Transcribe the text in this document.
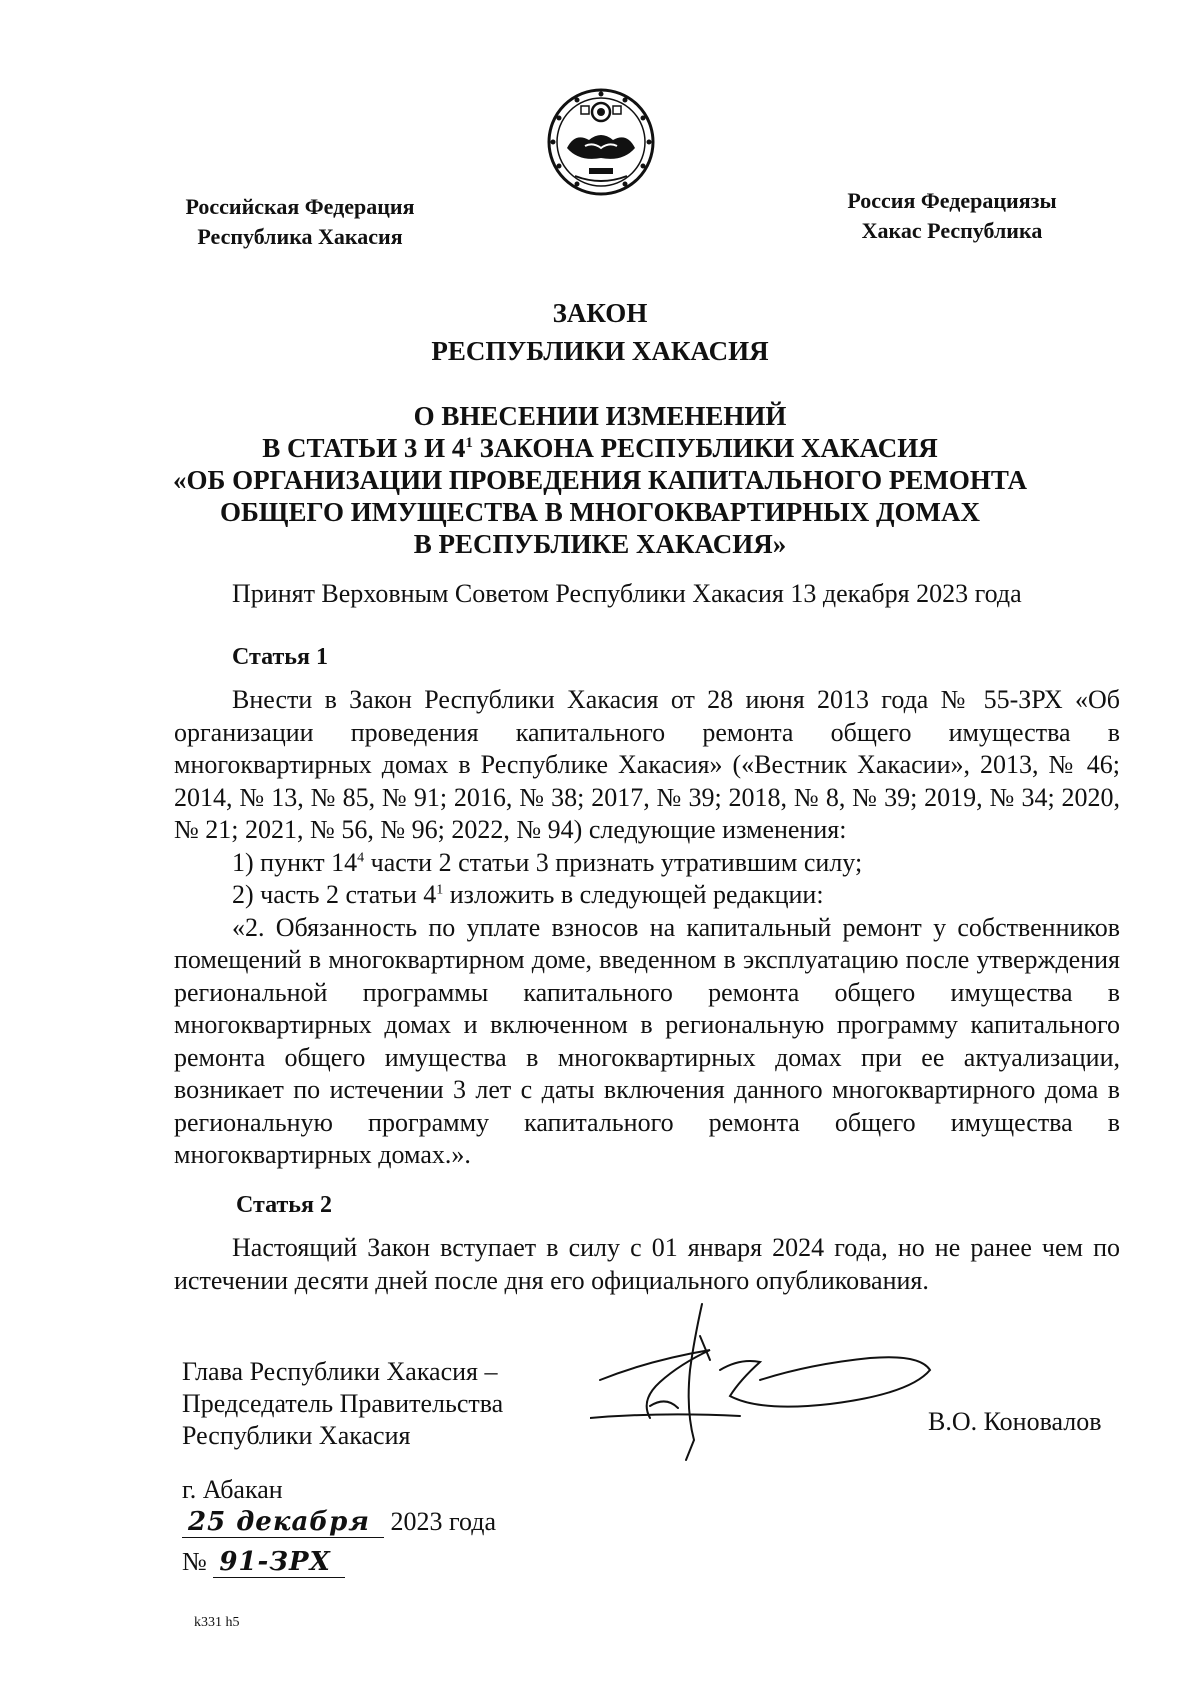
Российская Федерация
Республика Хакасия
Россия Федерациязы
Хакас Республика
ЗАКОН
РЕСПУБЛИКИ ХАКАСИЯ
О ВНЕСЕНИИ ИЗМЕНЕНИЙ
В СТАТЬИ 3 И $4^1$ ЗАКОНА РЕСПУБЛИКИ ХАКАСИЯ
«ОБ ОРГАНИЗАЦИИ ПРОВЕДЕНИЯ КАПИТАЛЬНОГО РЕМОНТА
ОБЩЕГО ИМУЩЕСТВА В МНОГОКВАРТИРНЫХ ДОМАХ
В РЕСПУБЛИКЕ ХАКАСИЯ»
Принят Верховным Советом Республики Хакасия 13 декабря 2023 года
Статья 1

Внести в Закон Республики Хакасия от 28 июня 2013 года № 55-ЗРХ «Об организации проведения капитального ремонта общего имущества в многоквартирных домах в Республике Хакасия» («Вестник Хакасии», 2013, № 46; 2014, № 13, № 85, № 91; 2016, № 38; 2017, № 39; 2018, № 8, № 39; 2019, № 34; 2020, № 21; 2021, № 56, № 96; 2022, № 94) следующие изменения:

1) пункт $14^4$ части 2 статьи 3 признать утратившим силу;

2) часть 2 статьи $4^1$ изложить в следующей редакции:

«2. Обязанность по уплате взносов на капитальный ремонт у собственников помещений в многоквартирном доме, введенном в эксплуатацию после утверждения региональной программы капитального ремонта общего имущества в многоквартирных домах и включенном в региональную программу капитального ремонта общего имущества в многоквартирных домах при ее актуализации, возникает по истечении 3 лет с даты включения данного многоквартирного дома в региональную программу капитального ремонта общего имущества в многоквартирных домах.».

Статья 2

Настоящий Закон вступает в силу с 01 января 2024 года, но не ранее чем по истечении десяти дней после дня его официального опубликования.

Глава Республики Хакасия –
Председатель Правительства
Республики Хакасия	В.О. Коновалов
г. Абакан
25 декабря 2023 года
№ 91-ЗРХ
k331 h5
